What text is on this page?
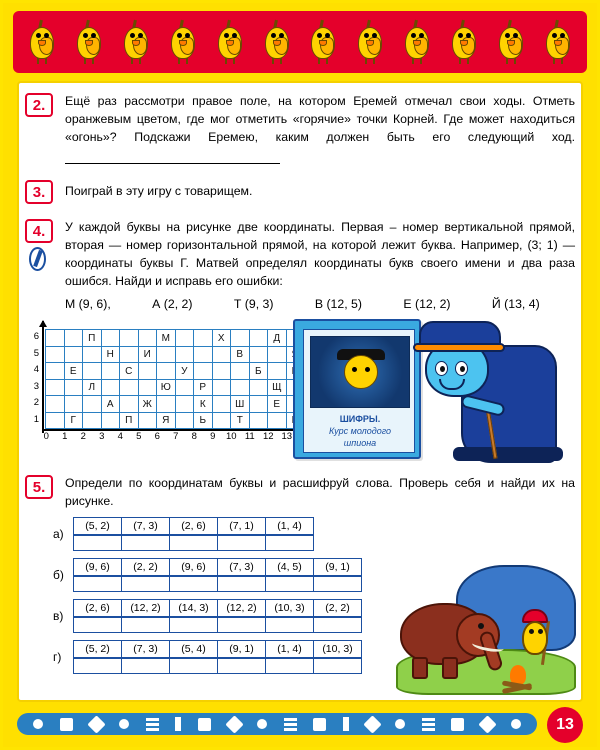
2.	Ещё раз рассмотри правое поле, на котором Еремей отмечал свои ходы. Отметь оранжевым цветом, где мог отметить «горячие» точки Корней. Где может находиться «огонь»? Подскажи Еремею, каким должен быть его следующий ход.
3.	Поиграй в эту игру с товарищем.
4.	У каждой буквы на рисунке две координаты. Первая – номер вертикальной прямой, вторая — номер горизонтальной прямой, на которой лежит буква. Например, (3; 1) — координаты буквы Г. Матвей определял координаты букв своего имени и два раза ошибся. Найди и исправь его ошибки:
М (9, 6),	А (2, 2)	Т (9, 3)	В (12, 5)	Е (12, 2)	Й (13, 4)
		П				М			Х			Д	
			Н		И					В			
	Е			С			У				Б		
		Л				Ю		Р				Щ	
			А		Ж			К		Ш		Е	
	Г			П		Я		Ь		Т			
1
2
3
4
5
6
0	1	2	3	4	5	6	7	8	9	10 11 12 13
ШИФРЫ.
Курс молодого
шпиона
5.	Определи по координатам буквы и расшифруй слова. Проверь себя и найди их на рисунке.
а)
(5, 2)	(7, 3)	(2, 6)	(7, 1)	(1, 4)

б)
(9, 6)	(2, 2)	(9, 6)	(7, 3)	(4, 5)	(9, 1)

в)
(2, 6)	(12, 2)	(14, 3)	(12, 2)	(10, 3)	(2, 2)

г)
(5, 2)	(7, 3)	(5, 4)	(9, 1)	(1, 4)	(10, 3)

13
